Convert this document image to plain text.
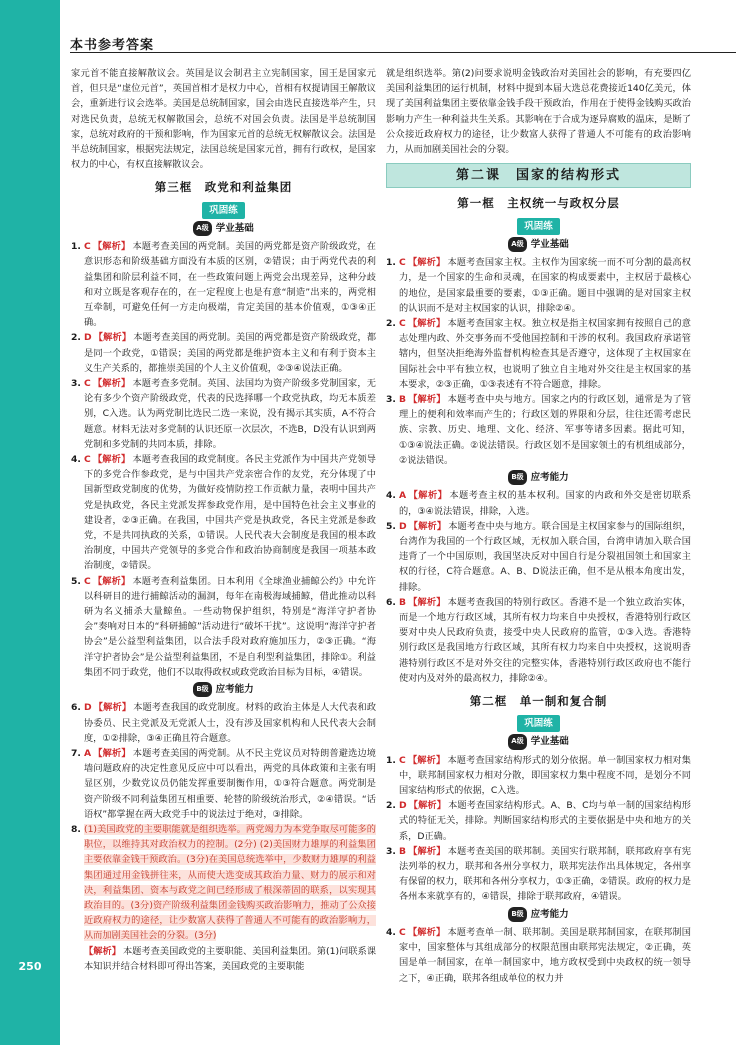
250
本书参考答案

家元首不能直接解散议会。英国是议会制君主立宪制国家，国王是国家元首，但只是“虚位元首”，英国首相才是权力中心，首相有权提请国王解散议会，重新进行议会选举。美国是总统制国家，国会由选民直接选举产生，只对选民负责，总统无权解散国会，总统不对国会负责。法国是半总统制国家，总统对政府的干预和影响，作为国家元首的总统无权解散议会。法国是半总统制国家，根据宪法规定，法国总统是国家元首，拥有行政权，是国家权力的中心，有权直接解散议会。

第三框　政党和利益集团
巩固练
A级 学业基础

1. C 【解析】 本题考查美国的两党制。美国的两党都是资产阶级政党，在意识形态和阶级基础方面没有本质的区别，②错误；由于两党代表的利益集团和阶层利益不同，在一些政策问题上两党会出现差异，这种分歧和对立既是客观存在的，在一定程度上也是有意“制造”出来的，两党相互牵制，可避免任何一方走向极端，肯定美国的基本价值观，①③④正确。

2. D 【解析】 本题考查美国的两党制。美国的两党都是资产阶级政党，都是同一个政党，①错误；美国的两党都是维护资本主义和有利于资本主义生产关系的，都推崇美国的个人主义价值观，②③④说法正确。

3. C 【解析】 本题考查多党制。英国、法国均为资产阶级多党制国家，无论有多少个资产阶级政党，代表的民选择哪一个政党执政，均无本质差别，C入选。认为两党制比选民二选一来说，没有揭示其实质，A不符合题意。材料无法对多党制的认识还原一次层次，不选B，D没有认识到两党制和多党制的共同本质，排除。

4. C 【解析】 本题考查我国的政党制度。各民主党派作为中国共产党领导下的多党合作参政党，是与中国共产党亲密合作的友党，充分体现了中国新型政党制度的优势，为做好疫情防控工作贡献力量，表明中国共产党是执政党，各民主党派发挥参政党作用，是中国特色社会主义事业的建设者，②③正确。在我国，中国共产党是执政党，各民主党派是参政党，不是共同执政的关系，①错误。人民代表大会制度是我国的根本政治制度，中国共产党领导的多党合作和政治协商制度是我国一项基本政治制度，②错误。

5. C 【解析】 本题考查利益集团。日本利用《全球渔业捕鲸公约》中允许以科研目的进行捕鲸活动的漏洞，每年在南极海域捕鲸，借此推动以科研为名义捕杀大量鲸鱼。一些动物保护组织，特别是“海洋守护者协会”奏响对日本的“科研捕鲸”活动进行“破坏干扰”。这说明“海洋守护者协会”是公益型利益集团，以合法手段对政府施加压力，②③正确。“海洋守护者协会”是公益型利益集团，不是自利型利益集团，排除①。利益集团不同于政党，他们不以取得政权或政党政治目标为目标，④错误。

B级 应考能力

6. D 【解析】 本题考查我国的政党制度。材料的政治主体是人大代表和政协委员、民主党派及无党派人士，没有涉及国家机构和人民代表大会制度，①②排除，③④正确且符合题意。

7. A 【解析】 本题考查美国的两党制。从不民主党议员对特朗普避选边境墙问题政府的决定性意见反应中可以看出，两党的具体政策和主张有明显区别，少数党议员仍能发挥重要制衡作用，①③符合题意。两党制是资产阶级不同利益集团互相重要、轮替的阶级统治形式，②④错误。“话语权”都掌握在两大政党手中的说法过于绝对，③排除。

8. (1)美国政党的主要职能就是组织选举。两党竭力为本党争取尽可能多的职位，以维持其对政治权力的控制。(2分) (2)美国财力雄厚的利益集团主要依靠金钱干预政治。(3分)在美国总统选举中，少数财力雄厚的利益集团通过用金钱拼往来，从而使大选变成其政治力量、财力的展示和对决，利益集团、资本与政党之间已经形成了根深蒂固的联系，以实现其政治目的。(3分)资产阶级利益集团金钱购买政治影响力，推动了公众接近政府权力的途径，让少数富人获得了普通人不可能有的政治影响力，从而加剧美国社会的分裂。(3分)

【解析】 本题考查美国政党的主要职能、美国利益集团。第(1)问联系课本知识并结合材料即可得出答案，美国政党的主要职能

就是组织选举。第(2)问要求说明金钱政治对美国社会的影响，有充要四亿美国利益集团的运行机制，材料中提到本届大选总花费接近140亿美元，体现了美国利益集团主要依靠金钱手段干预政治，作用在于使得金钱购买政治影响力产生一种利益共生关系。其影响在于合成为逐异腐败的温床，是断了公众接近政府权力的途径，让少数富人获得了普通人不可能有的政治影响力，从而加剧美国社会的分裂。

第二课　国家的结构形式
第一框　主权统一与政权分层
巩固练
A级 学业基础

1. C 【解析】 本题考查国家主权。主权作为国家统一而不可分割的最高权力，是一个国家的生命和灵魂，在国家的构成要素中，主权居于最核心的地位，是国家最重要的要素，①③正确。题目中强调的是对国家主权的认识而不是对主权国家的认识，排除②④。

2. C 【解析】 本题考查国家主权。独立权是指主权国家拥有按照自己的意志处理内政、外交事务而不受他国控制和干涉的权利。我国政府承诺管辖内，但坚决拒绝海外监督机构检查其是否遵守，这体现了主权国家在国际社会中平有独立权，也说明了独立自主地对外交往是主权国家的基本要求，②③正确，①③表述有不符合题意，排除。

3. B 【解析】 本题考查中央与地方。国家之内的行政区划，通常是为了管理上的便利和效率而产生的；行政区划的界限和分层，往往还需考虑民族、宗教、历史、地理、文化、经济、军事等诸多因素。据此可知，①③④说法正确。②说法错误。行政区划不是国家领土的有机组成部分，②说法错误。

B级 应考能力

4. A 【解析】 本题考查主权的基本权利。国家的内政和外交是密切联系的，③④说法错误，排除，入选。

5. D 【解析】 本题考查中央与地方。联合国是主权国家参与的国际组织，台湾作为我国的一个行政区域，无权加入联合国，台湾申请加入联合国违背了一个中国原则，我国坚决反对中国自行是分裂祖国领土和国家主权的行径，C符合题意。A、B、D说法正确，但不是从根本角度出发，排除。

6. B 【解析】 本题考查我国的特别行政区。香港不是一个独立政治实体，而是一个地方行政区域，其所有权力均来自中央授权，香港特别行政区要对中央人民政府负责，接受中央人民政府的监管，①③入选。香港特别行政区是我国地方行政区域，其所有权力均来自中央授权，这说明香港特别行政区不是对外交往的完整实体，香港特别行政区政府也不能行使对内及对外的最高权力，排除②④。

第二框　单一制和复合制
巩固练
A级 学业基础

1. C 【解析】 本题考查国家结构形式的划分依据。单一制国家权力相对集中，联邦制国家权力相对分散，即国家权力集中程度不同，是划分不同国家结构形式的依据，C入选。

2. D 【解析】 本题考查国家结构形式。A、B、C均与单一制的国家结构形式的特征无关，排除。判断国家结构形式的主要依据是中央和地方的关系，D正确。

3. B 【解析】 本题考查美国的联邦制。美国实行联邦制，联邦政府享有宪法列举的权力，联邦和各州分享权力，联邦宪法作出具体规定，各州享有保留的权力，联邦和各州分享权力，①③正确，②错误。政府的权力是各州本来就享有的，④错误，排除于联邦政府，④错误。

B级 应考能力

4. C 【解析】 本题考查单一制、联邦制。美国是联邦制国家，在联邦制国家中，国家整体与其组成部分的权限范围由联邦宪法规定，②正确，英国是单一制国家，在单一制国家中，地方政权受到中央政权的统一领导之下，④正确，联邦各组成单位的权力并
